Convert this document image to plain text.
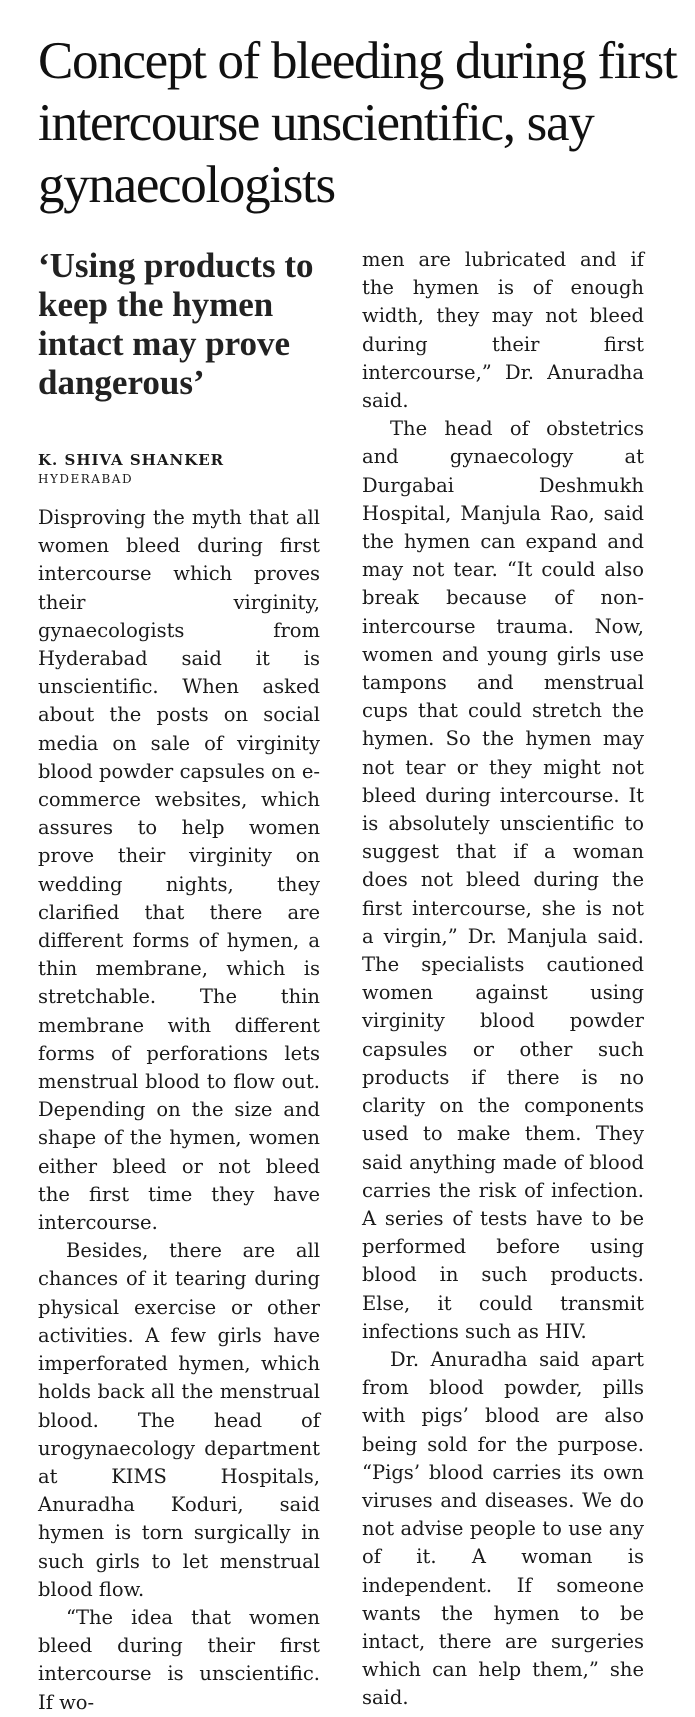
Concept of bleeding during first intercourse unscientific, say gynaecologists
‘Using products to keep the hymen intact may prove dangerous’
K. SHIVA SHANKER
HYDERABAD

Disproving the myth that all women bleed during first intercourse which proves their virginity, gynaecologists from Hyderabad said it is unscientific. When asked about the posts on social media on sale of virginity blood powder capsules on e-commerce websites, which assures to help women prove their virginity on wedding nights, they clarified that there are different forms of hymen, a thin membrane, which is stretchable. The thin membrane with different forms of perforations lets menstrual blood to flow out. Depending on the size and shape of the hymen, women either bleed or not bleed the first time they have intercourse.

Besides, there are all chances of it tearing during physical exercise or other activities. A few girls have imperforated hymen, which holds back all the menstrual blood. The head of urogynaecology department at KIMS Hospitals, Anuradha Koduri, said hymen is torn surgically in such girls to let menstrual blood flow.

“The idea that women bleed during their first intercourse is unscientific. If wo-

men are lubricated and if the hymen is of enough width, they may not bleed during their first intercourse,” Dr. Anuradha said.

The head of obstetrics and gynaecology at Durgabai Deshmukh Hospital, Manjula Rao, said the hymen can expand and may not tear. “It could also break because of non-intercourse trauma. Now, women and young girls use tampons and menstrual cups that could stretch the hymen. So the hymen may not tear or they might not bleed during intercourse. It is absolutely unscientific to suggest that if a woman does not bleed during the first intercourse, she is not a virgin,” Dr. Manjula said. The specialists cautioned women against using virginity blood powder capsules or other such products if there is no clarity on the components used to make them. They said anything made of blood carries the risk of infection. A series of tests have to be performed before using blood in such products. Else, it could transmit infections such as HIV.

Dr. Anuradha said apart from blood powder, pills with pigs’ blood are also being sold for the purpose. “Pigs’ blood carries its own viruses and diseases. We do not advise people to use any of it. A woman is independent. If someone wants the hymen to be intact, there are surgeries which can help them,” she said.
